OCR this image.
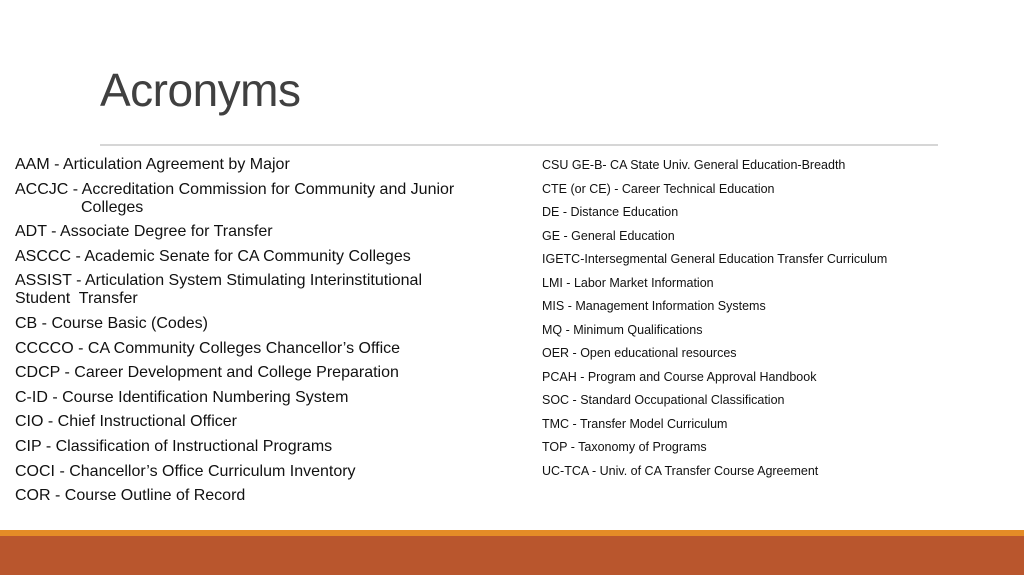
Acronyms
AAM - Articulation Agreement by Major
ACCJC - Accreditation Commission for Community and Junior
Colleges
ADT - Associate Degree for Transfer
ASCCC - Academic Senate for CA Community Colleges
ASSIST - Articulation System Stimulating Interinstitutional
Student  Transfer
CB - Course Basic (Codes)
CCCCO - CA Community Colleges Chancellor’s Office
CDCP - Career Development and College Preparation
C-ID - Course Identification Numbering System
CIO - Chief Instructional Officer
CIP - Classification of Instructional Programs
COCI - Chancellor’s Office Curriculum Inventory
COR - Course Outline of Record
CSU GE-B- CA State Univ. General Education-Breadth
CTE (or CE) - Career Technical Education
DE - Distance Education
GE - General Education
IGETC-Intersegmental General Education Transfer Curriculum
LMI - Labor Market Information
MIS - Management Information Systems
MQ - Minimum Qualifications
OER - Open educational resources
PCAH - Program and Course Approval Handbook
SOC - Standard Occupational Classification
TMC - Transfer Model Curriculum
TOP - Taxonomy of Programs
UC-TCA - Univ. of CA Transfer Course Agreement
